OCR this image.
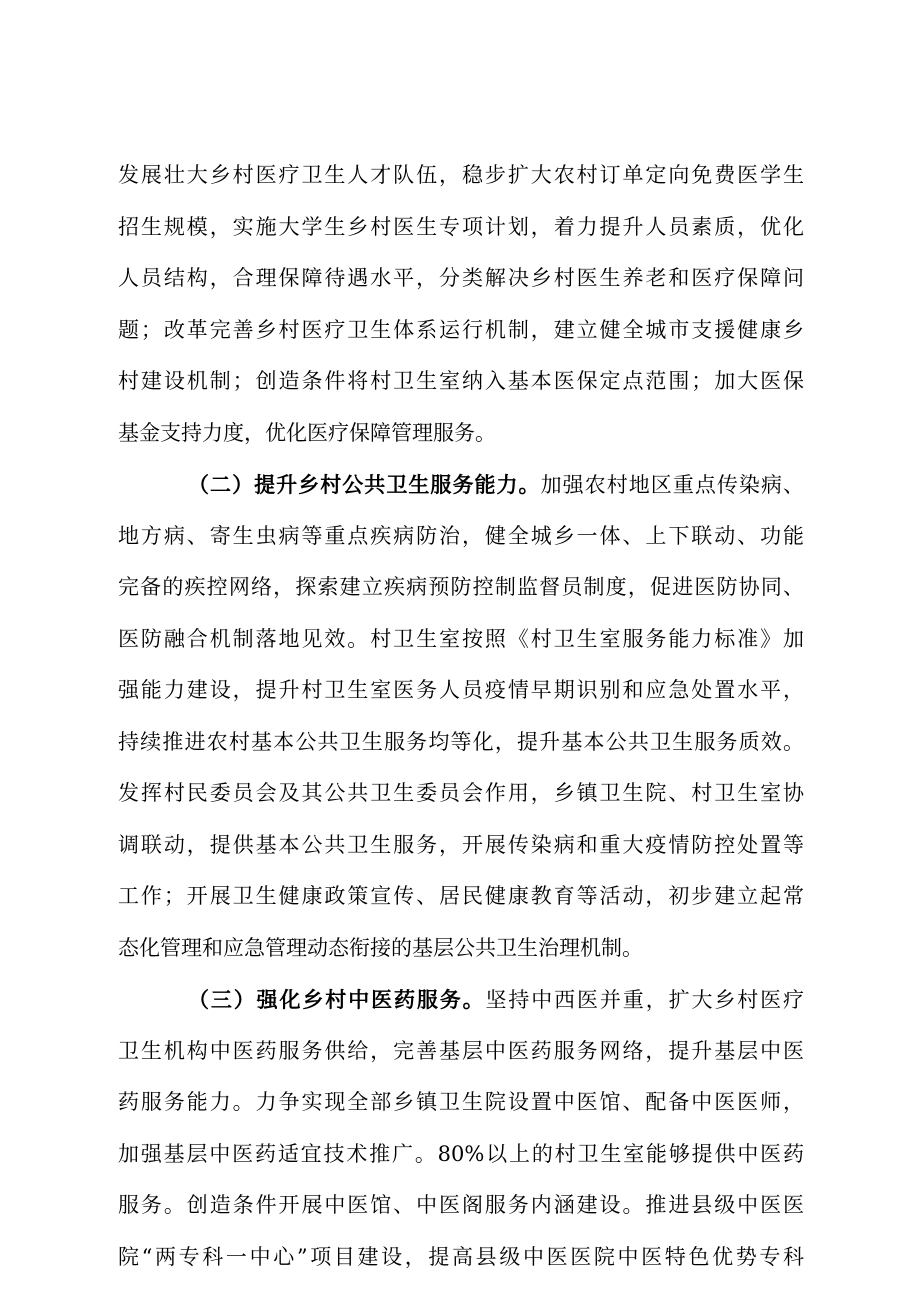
发展壮大乡村医疗卫生人才队伍，稳步扩大农村订单定向免费医学生
招生规模，实施大学生乡村医生专项计划，着力提升人员素质，优化
人员结构，合理保障待遇水平，分类解决乡村医生养老和医疗保障问
题；改革完善乡村医疗卫生体系运行机制，建立健全城市支援健康乡
村建设机制；创造条件将村卫生室纳入基本医保定点范围；加大医保
基金支持力度，优化医疗保障管理服务。
（二）提升乡村公共卫生服务能力。加强农村地区重点传染病、
地方病、寄生虫病等重点疾病防治，健全城乡一体、上下联动、功能
完备的疾控网络，探索建立疾病预防控制监督员制度，促进医防协同、
医防融合机制落地见效。村卫生室按照《村卫生室服务能力标准》加
强能力建设，提升村卫生室医务人员疫情早期识别和应急处置水平，
持续推进农村基本公共卫生服务均等化，提升基本公共卫生服务质效。
发挥村民委员会及其公共卫生委员会作用，乡镇卫生院、村卫生室协
调联动，提供基本公共卫生服务，开展传染病和重大疫情防控处置等
工作；开展卫生健康政策宣传、居民健康教育等活动，初步建立起常
态化管理和应急管理动态衔接的基层公共卫生治理机制。
（三）强化乡村中医药服务。坚持中西医并重，扩大乡村医疗
卫生机构中医药服务供给，完善基层中医药服务网络，提升基层中医
药服务能力。力争实现全部乡镇卫生院设置中医馆、配备中医医师，
加强基层中医药适宜技术推广。80%以上的村卫生室能够提供中医药
服务。创造条件开展中医馆、中医阁服务内涵建设。推进县级中医医
院“两专科一中心”项目建设，提高县级中医医院中医特色优势专科
